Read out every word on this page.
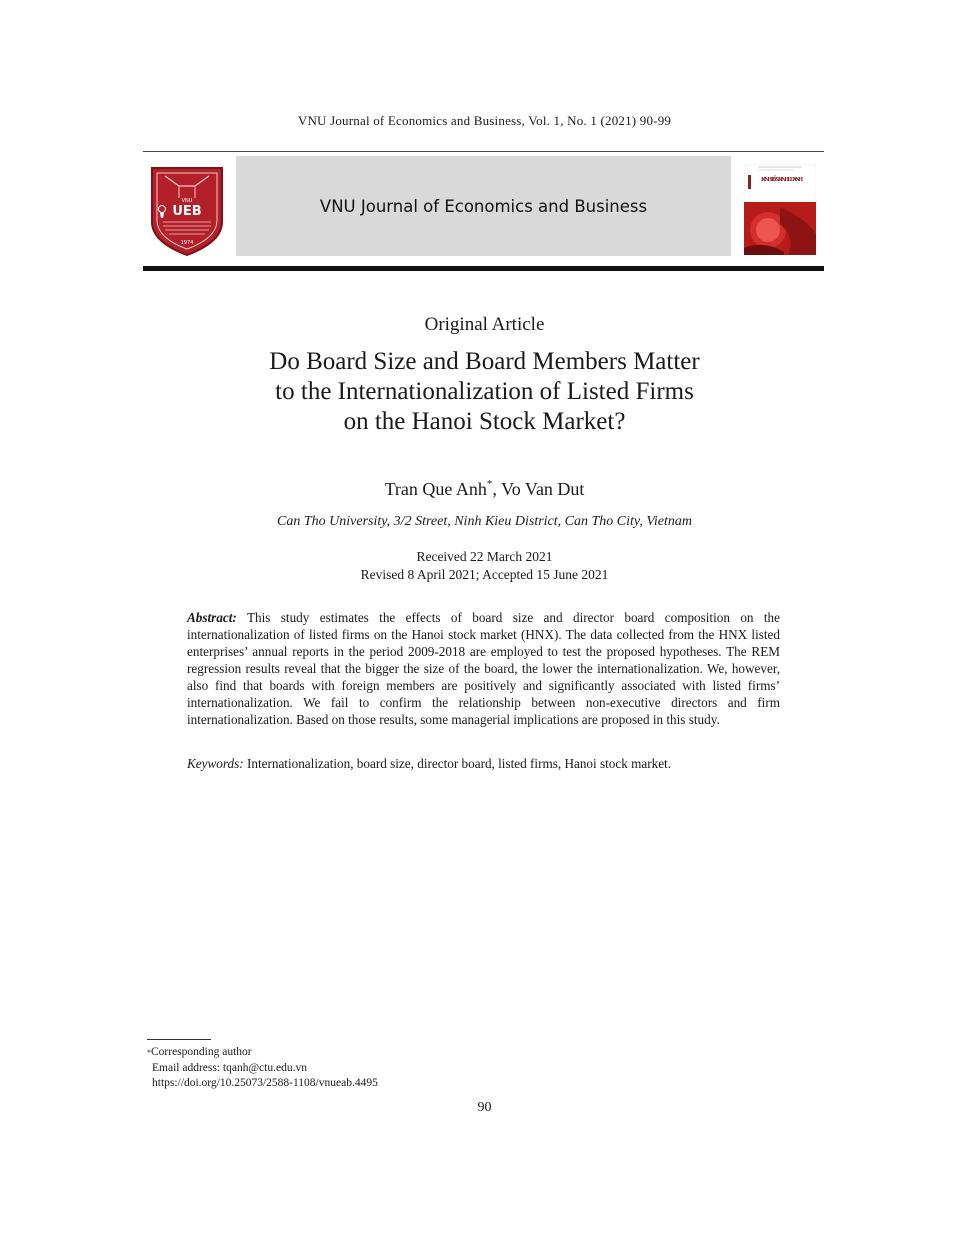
VNU Journal of Economics and Business, Vol. 1, No. 1 (2021) 90-99
VNU
UEB
1974
VNU Journal of Economics and Business
KINH TẾ & KINH DOANH
Original Article
Do Board Size and Board Members Matter
to the Internationalization of Listed Firms
on the Hanoi Stock Market?
Tran Que Anh*, Vo Van Dut
Can Tho University, 3/2 Street, Ninh Kieu District, Can Tho City, Vietnam
Received 22 March 2021
Revised 8 April 2021; Accepted 15 June 2021
Abstract: This study estimates the effects of board size and director board composition on the internationalization of listed firms on the Hanoi stock market (HNX). The data collected from the HNX listed enterprises’ annual reports in the period 2009-2018 are employed to test the proposed hypotheses. The REM regression results reveal that the bigger the size of the board, the lower the internationalization. We, however, also find that boards with foreign members are positively and significantly associated with listed firms’ internationalization. We fail to confirm the relationship between non-executive directors and firm internationalization. Based on those results, some managerial implications are proposed in this study.
Keywords: Internationalization, board size, director board, listed firms, Hanoi stock market.
*Corresponding author
Email address: tqanh@ctu.edu.vn
https://doi.org/10.25073/2588-1108/vnueab.4495
90
